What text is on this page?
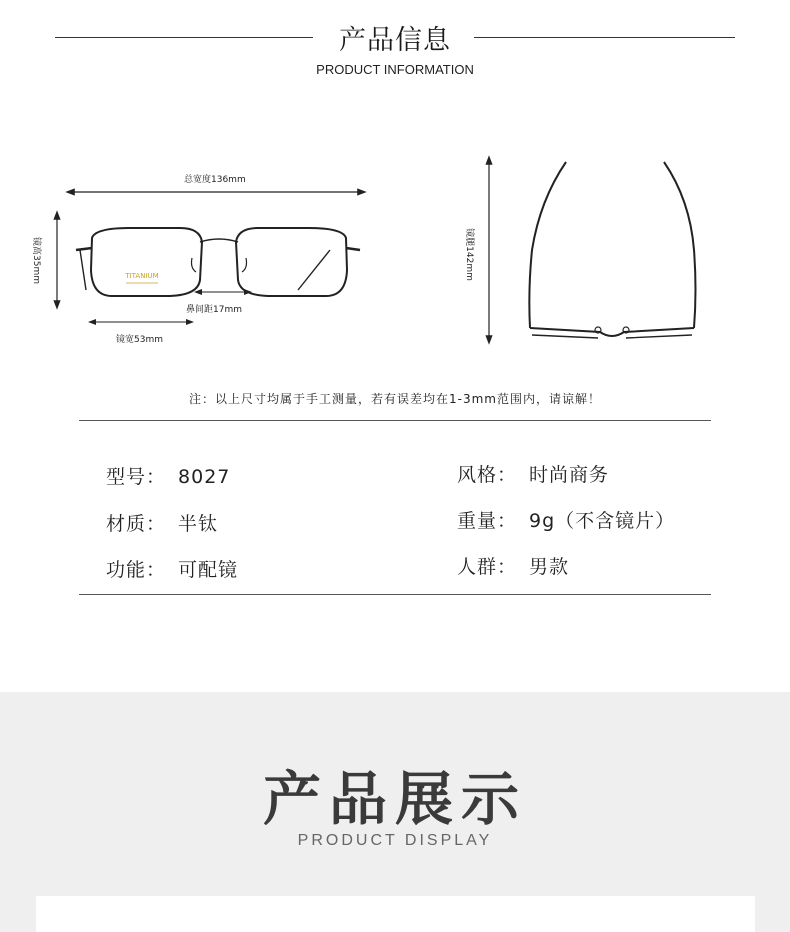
产品信息
PRODUCT INFORMATION
TITANIUM
总宽度136mm
镜高35mm
鼻间距17mm
镜宽53mm
镜腿142mm
注：以上尺寸均属于手工测量，若有误差均在1-3mm范围内，请谅解！
型号： 8027	风格： 时尚商务
材质： 半钛	重量： 9g（不含镜片）
功能： 可配镜	人群： 男款
产品展示
PRODUCT DISPLAY
